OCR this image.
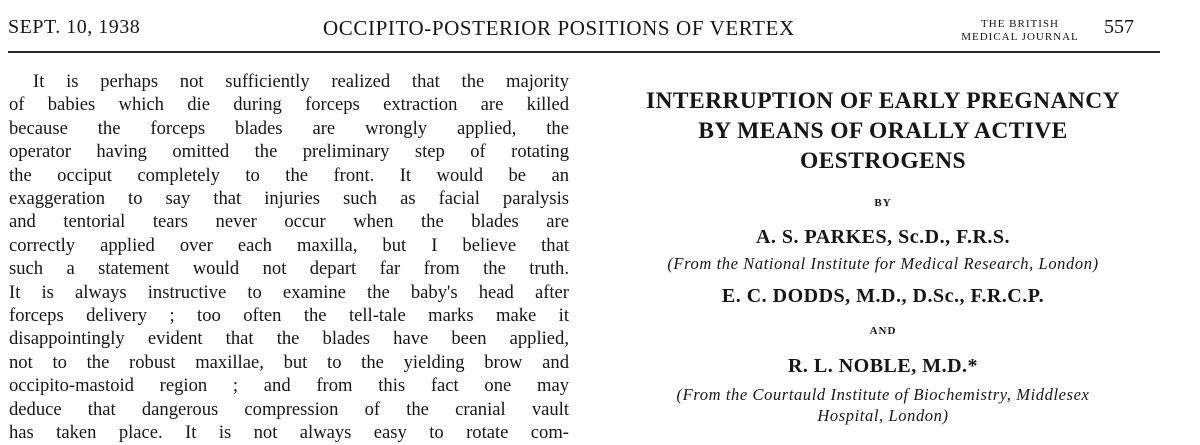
SEPT. 10, 1938	OCCIPITO-POSTERIOR POSITIONS OF VERTEX	THE BRITISH
MEDICAL JOURNAL	557
It is perhaps not sufficiently realized that the majority
of babies which die during forceps extraction are killed
because the forceps blades are wrongly applied, the
operator having omitted the preliminary step of rotating
the occiput completely to the front. It would be an
exaggeration to say that injuries such as facial paralysis
and tentorial tears never occur when the blades are
correctly applied over each maxilla, but I believe that
such a statement would not depart far from the truth.
It is always instructive to examine the baby's head after
forceps delivery ; too often the tell-tale marks make it
disappointingly evident that the blades have been applied,
not to the robust maxillae, but to the yielding brow and
occipito-mastoid region ; and from this fact one may
deduce that dangerous compression of the cranial vault
has taken place. It is not always easy to rotate com-
INTERRUPTION OF EARLY PREGNANCY
BY MEANS OF ORALLY ACTIVE
OESTROGENS
BY
A. S. PARKES, Sc.D., F.R.S.
(From the National Institute for Medical Research, London)
E. C. DODDS, M.D., D.Sc., F.R.C.P.
AND
R. L. NOBLE, M.D.*
(From the Courtauld Institute of Biochemistry, Middlesex
Hospital, London)
